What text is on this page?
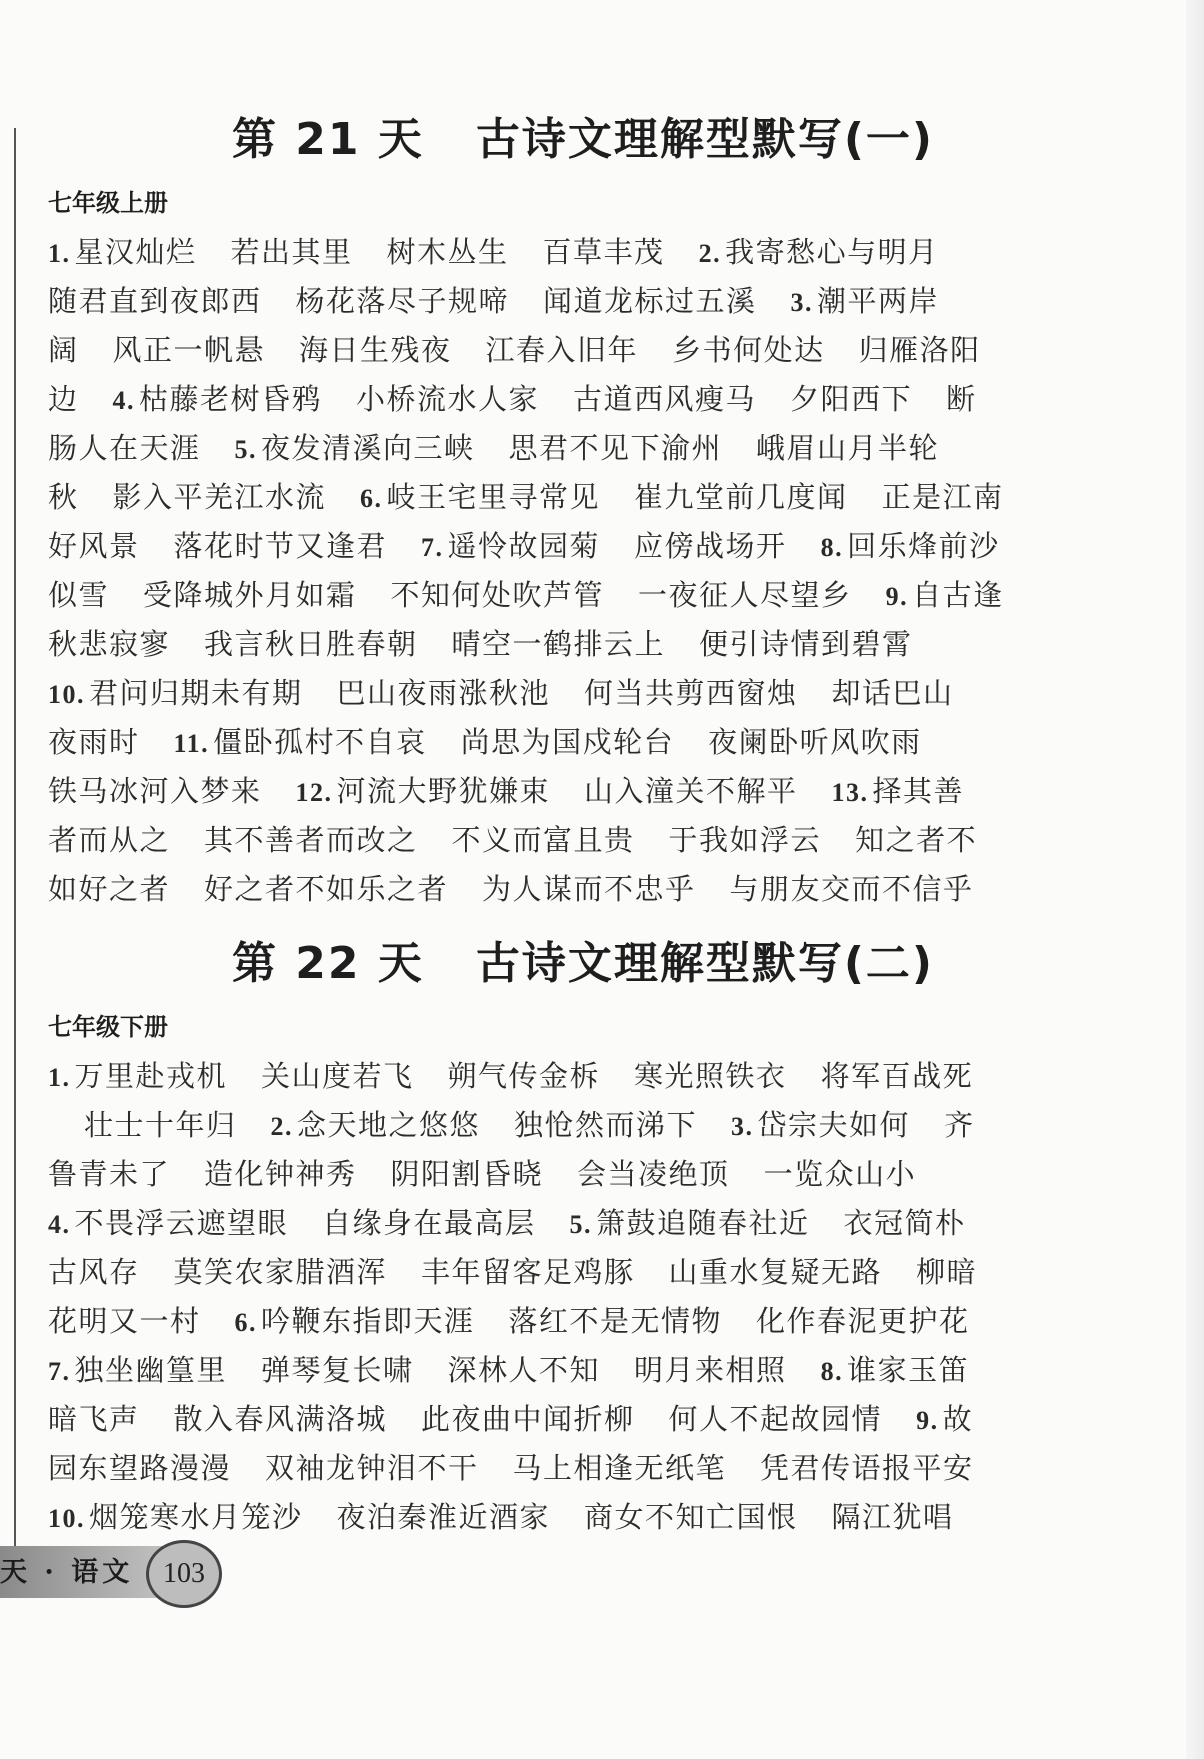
第 21 天 古诗文理解型默写(一)
七年级上册
1. 星汉灿烂 若出其里 树木丛生 百草丰茂 2. 我寄愁心与明月
随君直到夜郎西 杨花落尽子规啼 闻道龙标过五溪 3. 潮平两岸
阔 风正一帆悬 海日生残夜 江春入旧年 乡书何处达 归雁洛阳
边 4. 枯藤老树昏鸦 小桥流水人家 古道西风瘦马 夕阳西下 断
肠人在天涯 5. 夜发清溪向三峡 思君不见下渝州 峨眉山月半轮
秋 影入平羌江水流 6. 岐王宅里寻常见 崔九堂前几度闻 正是江南
好风景 落花时节又逢君 7. 遥怜故园菊 应傍战场开 8. 回乐烽前沙
似雪 受降城外月如霜 不知何处吹芦管 一夜征人尽望乡 9. 自古逢
秋悲寂寥 我言秋日胜春朝 晴空一鹤排云上 便引诗情到碧霄
10. 君问归期未有期 巴山夜雨涨秋池 何当共剪西窗烛 却话巴山
夜雨时 11. 僵卧孤村不自哀 尚思为国戍轮台 夜阑卧听风吹雨
铁马冰河入梦来 12. 河流大野犹嫌束 山入潼关不解平 13. 择其善
者而从之 其不善者而改之 不义而富且贵 于我如浮云 知之者不
如好之者 好之者不如乐之者 为人谋而不忠乎 与朋友交而不信乎
第 22 天 古诗文理解型默写(二)
七年级下册
1. 万里赴戎机 关山度若飞 朔气传金柝 寒光照铁衣 将军百战死
壮士十年归 2. 念天地之悠悠 独怆然而涕下 3. 岱宗夫如何 齐
鲁青未了 造化钟神秀 阴阳割昏晓 会当凌绝顶 一览众山小
4. 不畏浮云遮望眼 自缘身在最高层 5. 箫鼓追随春社近 衣冠简朴
古风存 莫笑农家腊酒浑 丰年留客足鸡豚 山重水复疑无路 柳暗
花明又一村 6. 吟鞭东指即天涯 落红不是无情物 化作春泥更护花
7. 独坐幽篁里 弹琴复长啸 深林人不知 明月来相照 8. 谁家玉笛
暗飞声 散入春风满洛城 此夜曲中闻折柳 何人不起故园情 9. 故
园东望路漫漫 双袖龙钟泪不干 马上相逢无纸笔 凭君传语报平安
10. 烟笼寒水月笼沙 夜泊秦淮近酒家 商女不知亡国恨 隔江犹唱
天 · 语文	103
